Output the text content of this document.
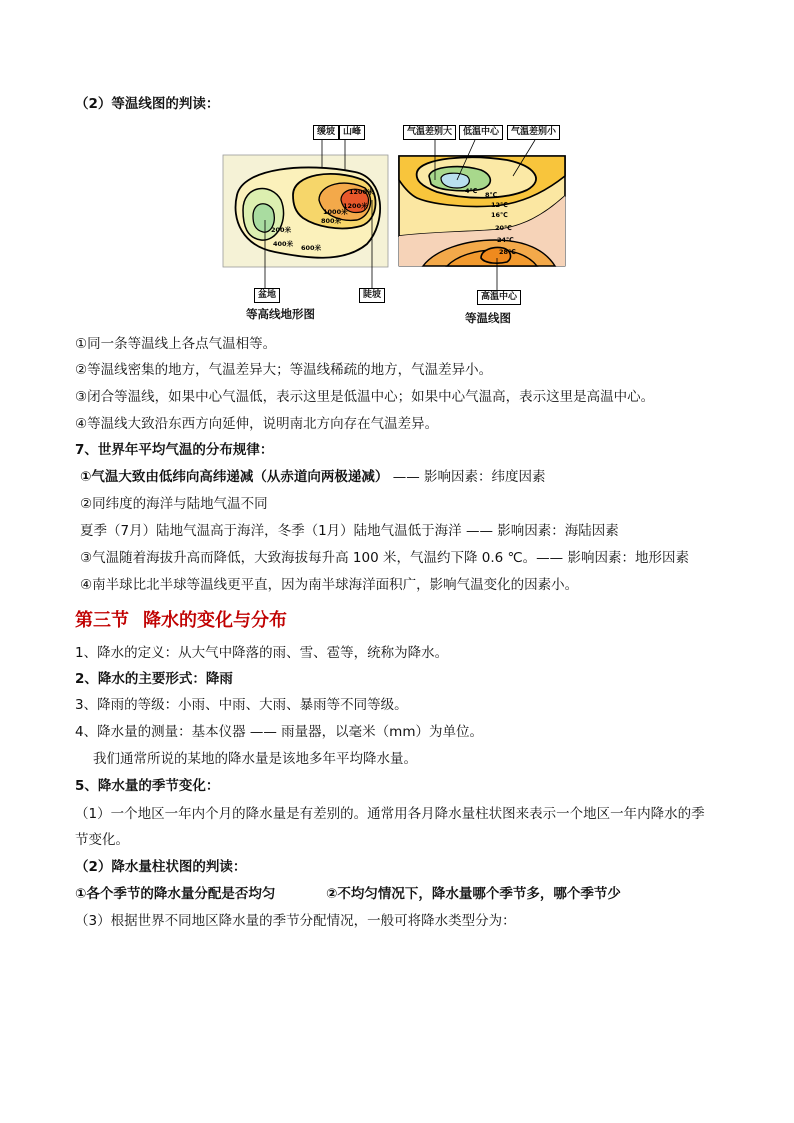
（2）等温线图的判读：
缓坡 山峰
1200米
1200米
1000米
800米
600米
200米
400米
盆地	陡坡
等高线地形图
气温差别大	低温中心	气温差别小
4℃ 8℃
12℃
16℃
20℃
24℃
28℃
高温中心
等温线图
①同一条等温线上各点气温相等。
②等温线密集的地方，气温差异大；等温线稀疏的地方，气温差异小。
③闭合等温线，如果中心气温低，表示这里是低温中心；如果中心气温高，表示这里是高温中心。
④等温线大致沿东西方向延伸，说明南北方向存在气温差异。
7、世界年平均气温的分布规律：
①气温大致由低纬向高纬递减（从赤道向两极递减） —— 影响因素：纬度因素
②同纬度的海洋与陆地气温不同
夏季（7月）陆地气温高于海洋，冬季（1月）陆地气温低于海洋 —— 影响因素：海陆因素
③气温随着海拔升高而降低，大致海拔每升高 100 米，气温约下降 0.6 ℃。—— 影响因素：地形因素
④南半球比北半球等温线更平直，因为南半球海洋面积广，影响气温变化的因素小。
第三节 降水的变化与分布
1、降水的定义：从大气中降落的雨、雪、雹等，统称为降水。
2、降水的主要形式：降雨
3、降雨的等级：小雨、中雨、大雨、暴雨等不同等级。
4、降水量的测量：基本仪器 —— 雨量器，以毫米（mm）为单位。
我们通常所说的某地的降水量是该地多年平均降水量。
5、降水量的季节变化：
（1）一个地区一年内个月的降水量是有差别的。通常用各月降水量柱状图来表示一个地区一年内降水的季
节变化。
（2）降水量柱状图的判读：
①各个季节的降水量分配是否均匀	②不均匀情况下，降水量哪个季节多，哪个季节少
（3）根据世界不同地区降水量的季节分配情况，一般可将降水类型分为：
